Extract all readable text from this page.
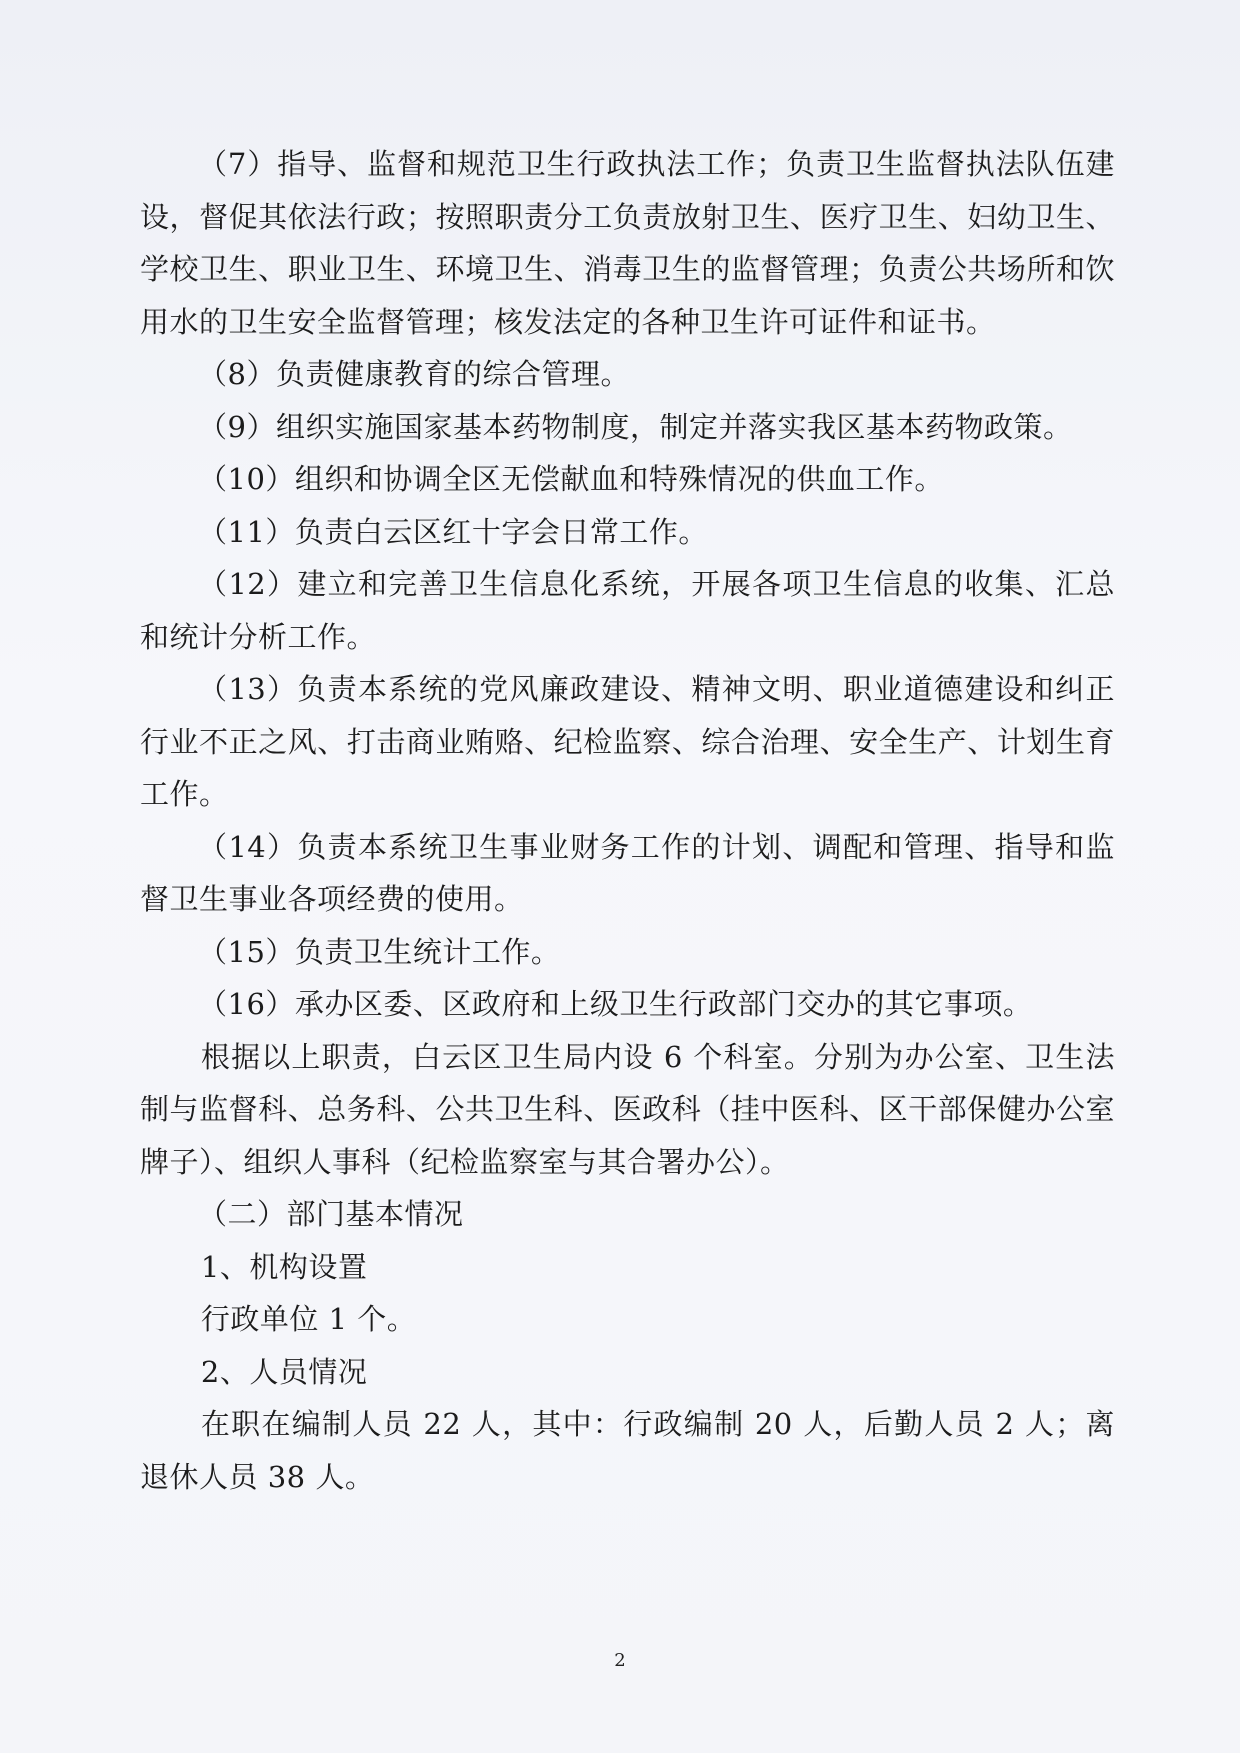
（7）指导、监督和规范卫生行政执法工作；负责卫生监督执法队伍建设，督促其依法行政；按照职责分工负责放射卫生、医疗卫生、妇幼卫生、学校卫生、职业卫生、环境卫生、消毒卫生的监督管理；负责公共场所和饮用水的卫生安全监督管理；核发法定的各种卫生许可证件和证书。

（8）负责健康教育的综合管理。

（9）组织实施国家基本药物制度，制定并落实我区基本药物政策。

（10）组织和协调全区无偿献血和特殊情况的供血工作。

（11）负责白云区红十字会日常工作。

（12）建立和完善卫生信息化系统，开展各项卫生信息的收集、汇总和统计分析工作。

（13）负责本系统的党风廉政建设、精神文明、职业道德建设和纠正行业不正之风、打击商业贿赂、纪检监察、综合治理、安全生产、计划生育工作。

（14）负责本系统卫生事业财务工作的计划、调配和管理、指导和监督卫生事业各项经费的使用。

（15）负责卫生统计工作。

（16）承办区委、区政府和上级卫生行政部门交办的其它事项。

根据以上职责，白云区卫生局内设 6 个科室。分别为办公室、卫生法制与监督科、总务科、公共卫生科、医政科（挂中医科、区干部保健办公室牌子）、组织人事科（纪检监察室与其合署办公）。

（二）部门基本情况

1、机构设置

行政单位 1 个。

2、人员情况

在职在编制人员 22 人，其中：行政编制 20 人，后勤人员 2 人；离退休人员 38 人。

2
